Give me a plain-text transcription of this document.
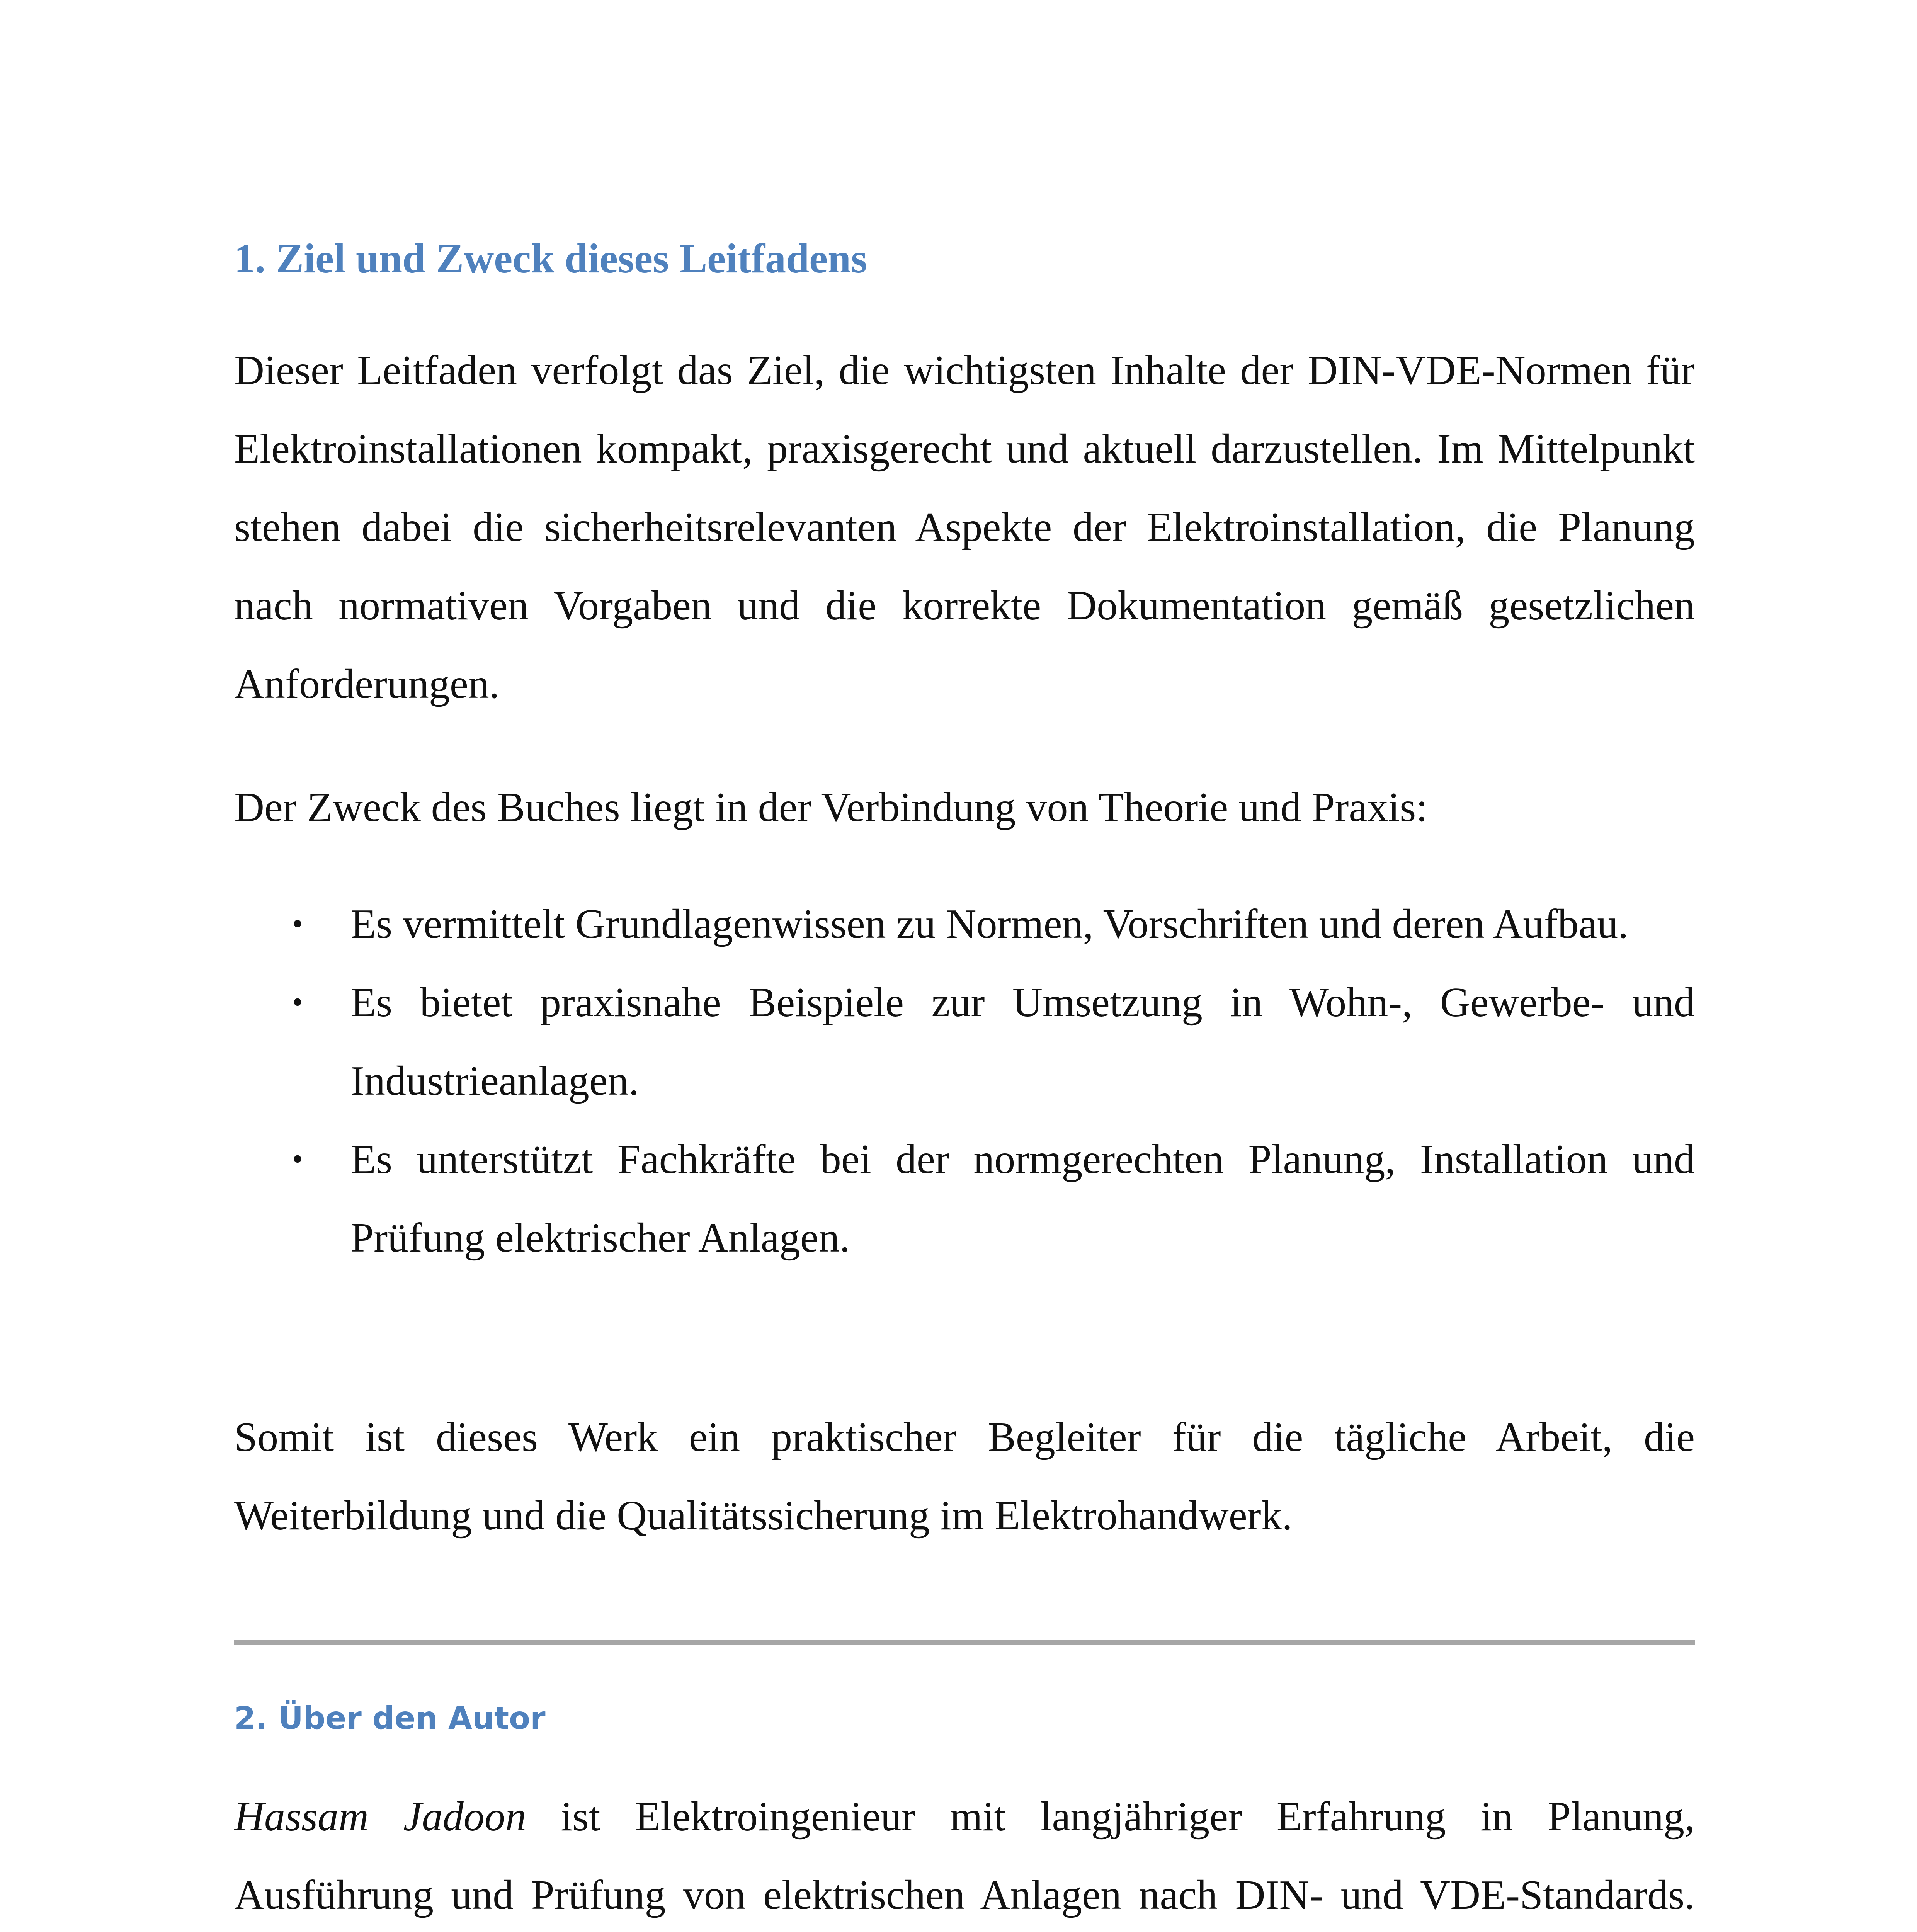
1. Ziel und Zweck dieses Leitfadens
Dieser Leitfaden verfolgt das Ziel, die wichtigsten Inhalte der DIN-VDE-Normen für Elektroinstallationen kompakt, praxisgerecht und aktuell darzustellen. Im Mittelpunkt stehen dabei die sicherheitsrelevanten Aspekte der Elektroinstallation, die Planung nach normativen Vorgaben und die korrekte Dokumentation gemäß gesetzlichen Anforderungen.
Der Zweck des Buches liegt in der Verbindung von Theorie und Praxis:
• Es vermittelt Grundlagenwissen zu Normen, Vorschriften und deren Aufbau.
• Es bietet praxisnahe Beispiele zur Umsetzung in Wohn-, Gewerbe- und Industrieanlagen.
• Es unterstützt Fachkräfte bei der normgerechten Planung, Installation und Prüfung elektrischer Anlagen.
Somit ist dieses Werk ein praktischer Begleiter für die tägliche Arbeit, die Weiterbildung und die Qualitätssicherung im Elektrohandwerk.
2. Über den Autor
Hassam Jadoon ist Elektroingenieur mit langjähriger Erfahrung in Planung, Ausführung und Prüfung von elektrischen Anlagen nach DIN- und VDE-Standards.
